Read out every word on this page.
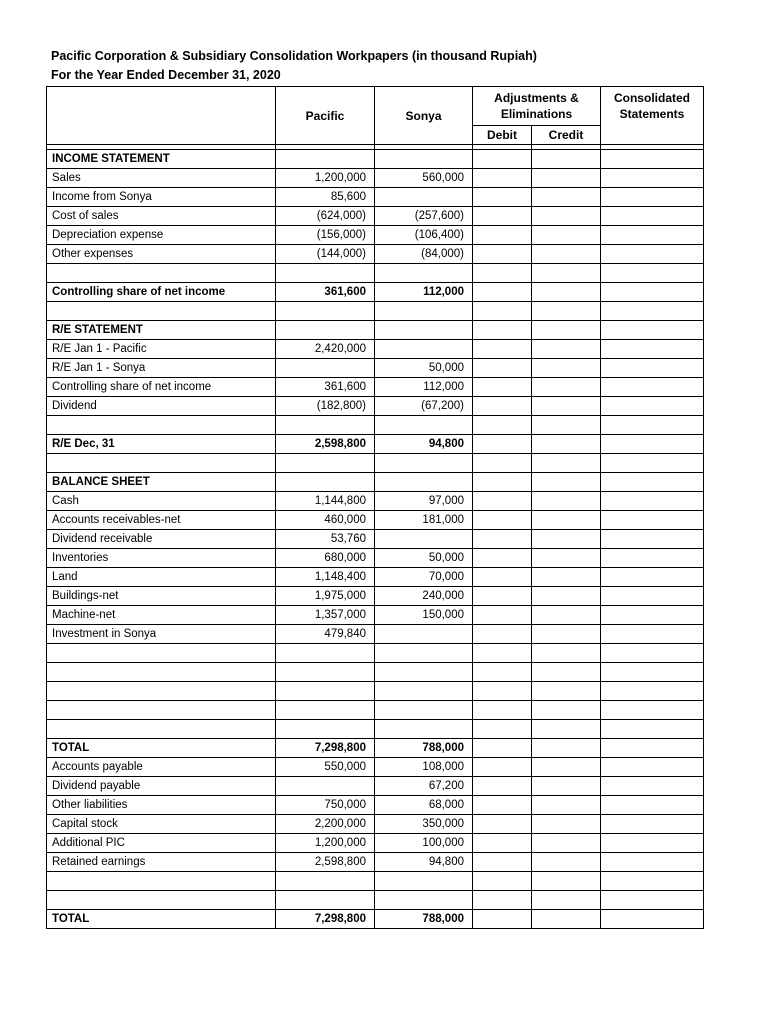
Pacific Corporation & Subsidiary Consolidation Workpapers (in thousand Rupiah)
For the Year Ended December 31, 2020
	Pacific	Sonya	Adjustments & Eliminations		Consolidated Statements
			Debit	Credit	

INCOME STATEMENT					
Sales	1,200,000	560,000			
Income from Sonya	85,600				
Cost of sales	(624,000)	(257,600)			
Depreciation expense	(156,000)	(106,400)			
Other expenses	(144,000)	(84,000)			

Controlling share of net income	361,600	112,000			

R/E STATEMENT					
R/E Jan 1 - Pacific	2,420,000				
R/E Jan 1 - Sonya		50,000			
Controlling share of net income	361,600	112,000			
Dividend	(182,800)	(67,200)			

R/E Dec, 31	2,598,800	94,800			

BALANCE SHEET					
Cash	1,144,800	97,000			
Accounts receivables-net	460,000	181,000			
Dividend receivable	53,760				
Inventories	680,000	50,000			
Land	1,148,400	70,000			
Buildings-net	1,975,000	240,000			
Machine-net	1,357,000	150,000			
Investment in Sonya	479,840				

TOTAL	7,298,800	788,000			
Accounts payable	550,000	108,000			
Dividend payable		67,200			
Other liabilities	750,000	68,000			
Capital stock	2,200,000	350,000			
Additional PIC	1,200,000	100,000			
Retained earnings	2,598,800	94,800			

TOTAL	7,298,800	788,000			
